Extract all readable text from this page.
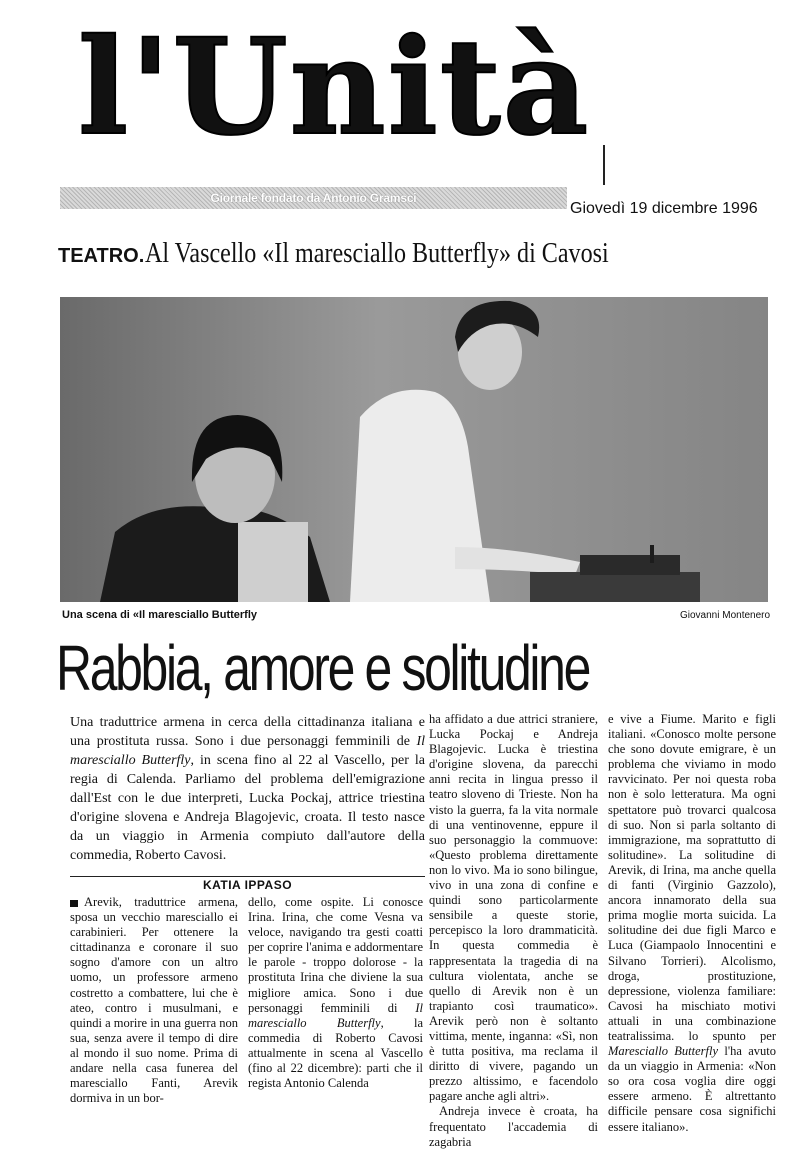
l'Unità
Giornale fondato da Antonio Gramsci
Giovedì 19 dicembre 1996
TEATRO. Al Vascello «Il maresciallo Butterfly» di Cavosi
Una scena di «Il maresciallo Butterfly	Giovanni Montenero
Rabbia, amore e solitudine

Una traduttrice armena in cerca della cittadinanza italiana e una prostituta russa. Sono i due personaggi femminili de Il maresciallo Butterfly, in scena fino al 22 al Vascello, per la regia di Calenda. Parliamo del problema dell'emigrazione dall'Est con le due interpreti, Lucka Pockaj, attrice triestina d'origine slovena e Andreja Blagojevic, croata. Il testo nasce da un viaggio in Armenia compiuto dall'autore della commedia, Roberto Cavosi.

KATIA IPPASO

Arevik, traduttrice armena, sposa un vecchio maresciallo ei carabinieri. Per ottenere la cittadinanza e coronare il suo sogno d'amore con un altro uomo, un professore armeno costretto a combattere, lui che è ateo, contro i musulmani, e quindi a morire in una guerra non sua, senza avere il tempo di dire al mondo il suo nome. Prima di andare nella casa funerea del maresciallo Fanti, Arevik dormiva in un bor-

dello, come ospite. Li conosce Irina. Irina, che come Vesna va veloce, navigando tra gesti coatti per coprire l'anima e addormentare le parole - troppo dolorose - la prostituta Irina che diviene la sua migliore amica. Sono i due personaggi femminili di Il maresciallo Butterfly, la commedia di Roberto Cavosi attualmente in scena al Vascello (fino al 22 dicembre): parti che il regista Antonio Calenda

ha affidato a due attrici straniere, Lucka Pockaj e Andreja Blagojevic. Lucka è triestina d'origine slovena, da parecchi anni recita in lingua presso il teatro sloveno di Trieste. Non ha visto la guerra, fa la vita normale di una ventinovenne, eppure il suo personaggio la commuove: «Questo problema direttamente non lo vivo. Ma io sono bilingue, vivo in una zona di confine e quindi sono particolarmente sensibile a queste storie, percepisco la loro drammaticità. In questa commedia è rappresentata la tragedia di na cultura violentata, anche se quello di Arevik non è un trapianto così traumatico». Arevik però non è soltanto vittima, mente, inganna: «Sì, non è tutta positiva, ma reclama il diritto di vivere, pagando un prezzo altissimo, e facendolo pagare anche agli altri».

Andreja invece è croata, ha frequentato l'accademia di zagabria

e vive a Fiume. Marito e figli italiani. «Conosco molte persone che sono dovute emigrare, è un problema che viviamo in modo ravvicinato. Per noi questa roba non è solo letteratura. Ma ogni spettatore può trovarci qualcosa di suo. Non si parla soltanto di immigrazione, ma soprattutto di solitudine». La solitudine di Arevik, di Irina, ma anche quella di fanti (Virginio Gazzolo), ancora innamorato della sua prima moglie morta suicida. La solitudine dei due figli Marco e Luca (Giampaolo Innocentini e Silvano Torrieri). Alcolismo, droga, prostituzione, depressione, violenza familiare: Cavosi ha mischiato motivi attuali in una combinazione teatralissima. lo spunto per Maresciallo Butterfly l'ha avuto da un viaggio in Armenia: «Non so ora cosa voglia dire oggi essere armeno. È altrettanto difficile pensare cosa significhi essere italiano».
